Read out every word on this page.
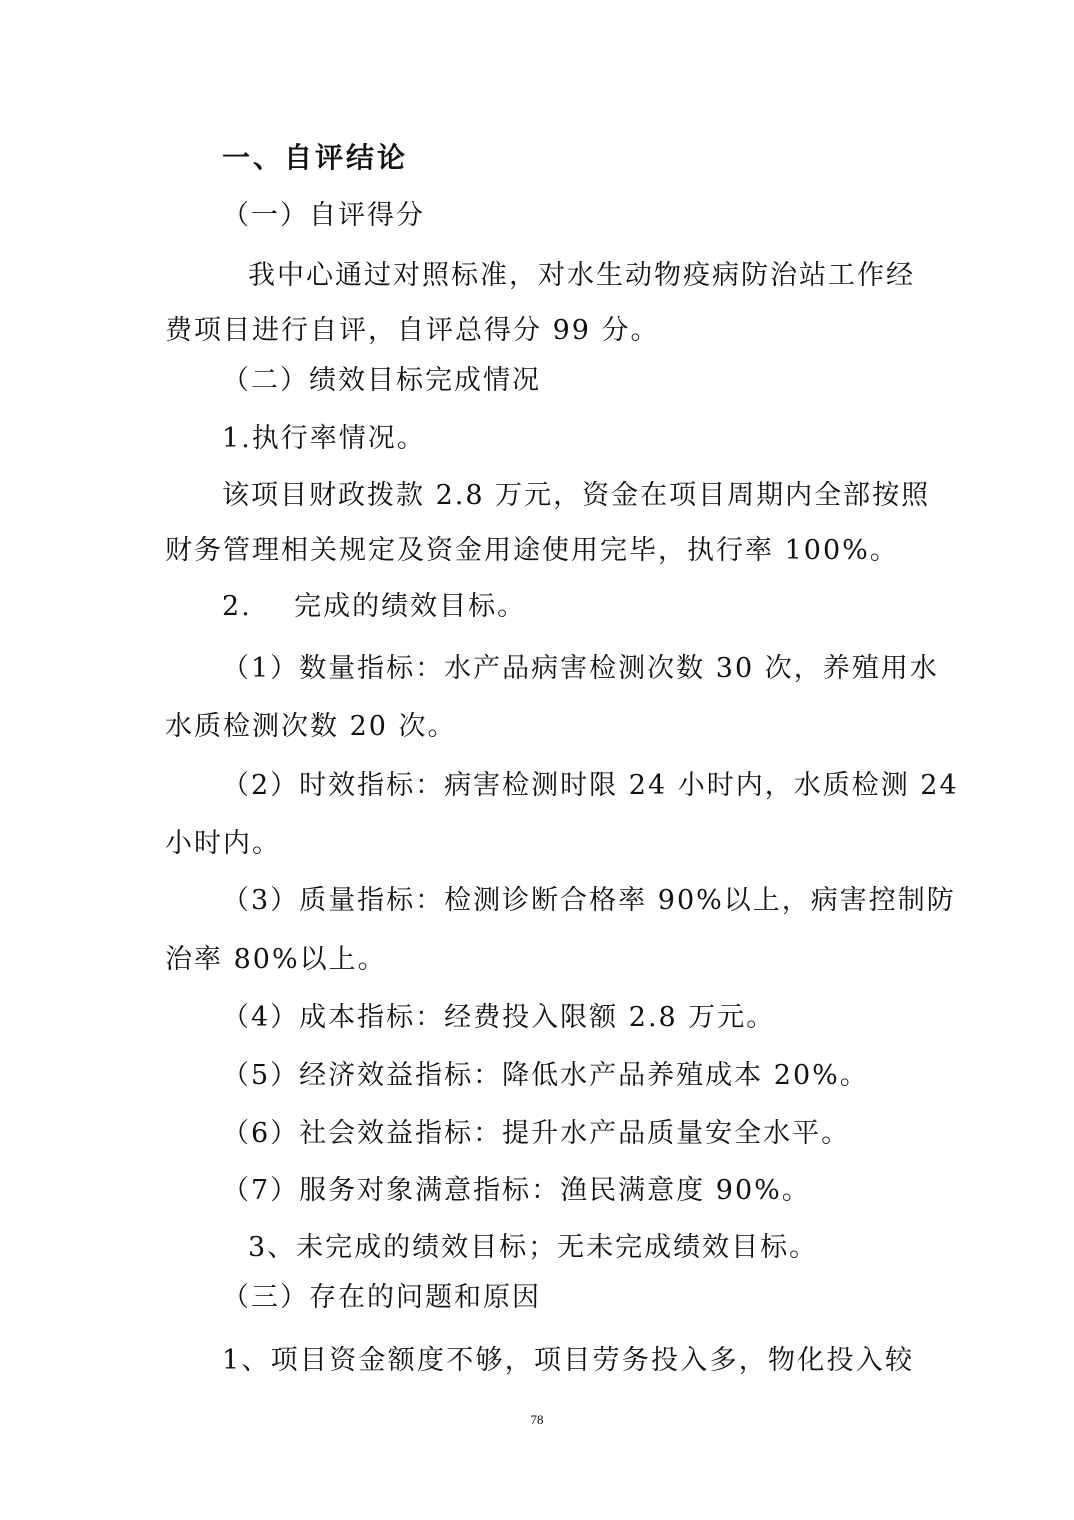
一、自评结论
（一）自评得分
我中心通过对照标准，对水生动物疫病防治站工作经
费项目进行自评，自评总得分 99 分。
（二）绩效目标完成情况
1.执行率情况。
该项目财政拨款 2.8 万元，资金在项目周期内全部按照
财务管理相关规定及资金用途使用完毕，执行率 100%。
2.    完成的绩效目标。
（1）数量指标：水产品病害检测次数 30 次，养殖用水
水质检测次数 20 次。
（2）时效指标：病害检测时限 24 小时内，水质检测 24
小时内。
（3）质量指标：检测诊断合格率 90%以上，病害控制防
治率 80%以上。
（4）成本指标：经费投入限额 2.8 万元。
（5）经济效益指标：降低水产品养殖成本 20%。
（6）社会效益指标：提升水产品质量安全水平。
（7）服务对象满意指标：渔民满意度 90%。
3、未完成的绩效目标；无未完成绩效目标。
（三）存在的问题和原因
1、项目资金额度不够，项目劳务投入多，物化投入较
78
